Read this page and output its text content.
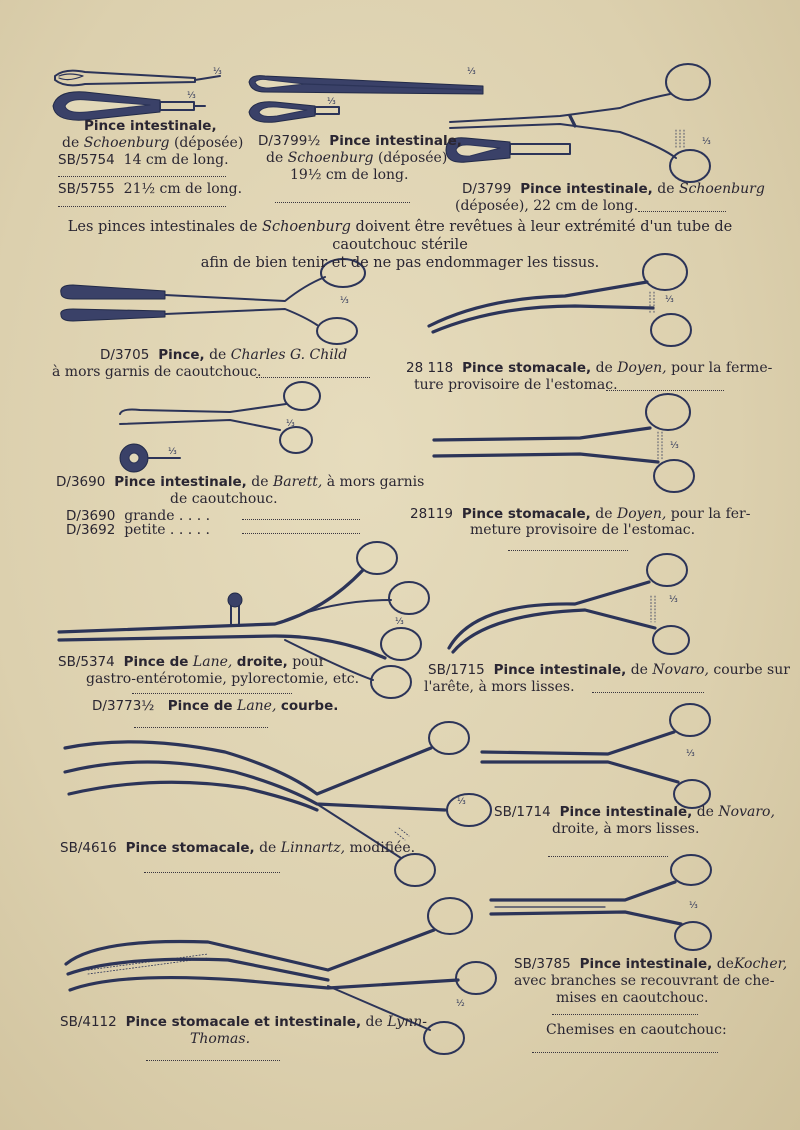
⅓
⅓
⅓
⅓
⅓
⅓	⅓
⅓
⅓
⅓
⅓
⅓
⅓
⅓
⅓
½
Pince intestinale,
de Schoenburg (déposée)
SB/5754 14 cm de long.
SB/5755 21½ cm de long.
D/3799½ Pince intestinale,
de Schoenburg (déposée)
19½ cm de long.
D/3799 Pince intestinale, de Schoenburg
(déposée), 22 cm de long.
Les pinces intestinales de Schoenburg doivent être revêtues à leur extrémité d'un tube de caoutchouc stérile
afin de bien tenir et de ne pas endommager les tissus.
D/3705 Pince, de Charles G. Child
à mors garnis de caoutchouc.	28 118 Pince stomacale, de Doyen, pour la ferme-
ture provisoire de l'estomac.
D/3690 Pince intestinale, de Barett, à mors garnis
de caoutchouc.
D/3690 grande . . . .
D/3692 petite . . . . .
28119 Pince stomacale, de Doyen, pour la fer-
meture provisoire de l'estomac.
SB/5374 Pince de Lane, droite, pour
gastro-entérotomie, pylorectomie, etc.
D/3773½ Pince de Lane, courbe.
SB/1715 Pince intestinale, de Novaro, courbe sur
l'arête, à mors lisses.
SB/4616 Pince stomacale, de Linnartz, modifiée.
SB/1714 Pince intestinale, de Novaro,
droite, à mors lisses.
SB/3785 Pince intestinale, deKocher,
avec branches se recouvrant de che-
mises en caoutchouc.
Chemises en caoutchouc:
SB/4112 Pince stomacale et intestinale, de Lynn-
Thomas.
